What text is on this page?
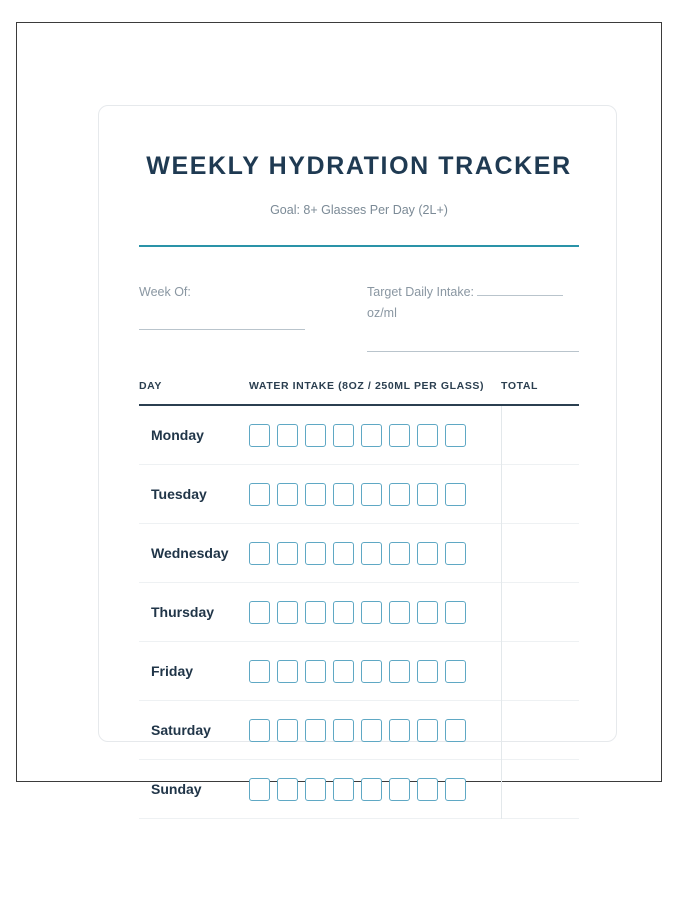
WEEKLY HYDRATION TRACKER

Goal: 8+ Glasses Per Day (2L+)

Week Of:	Target Daily Intake:
oz/ml
DAY	WATER INTAKE (8OZ / 250ML PER GLASS)	TOTAL
Monday	

Tuesday	

Wednesday	

Thursday	

Friday	

Saturday	

Sunday	
